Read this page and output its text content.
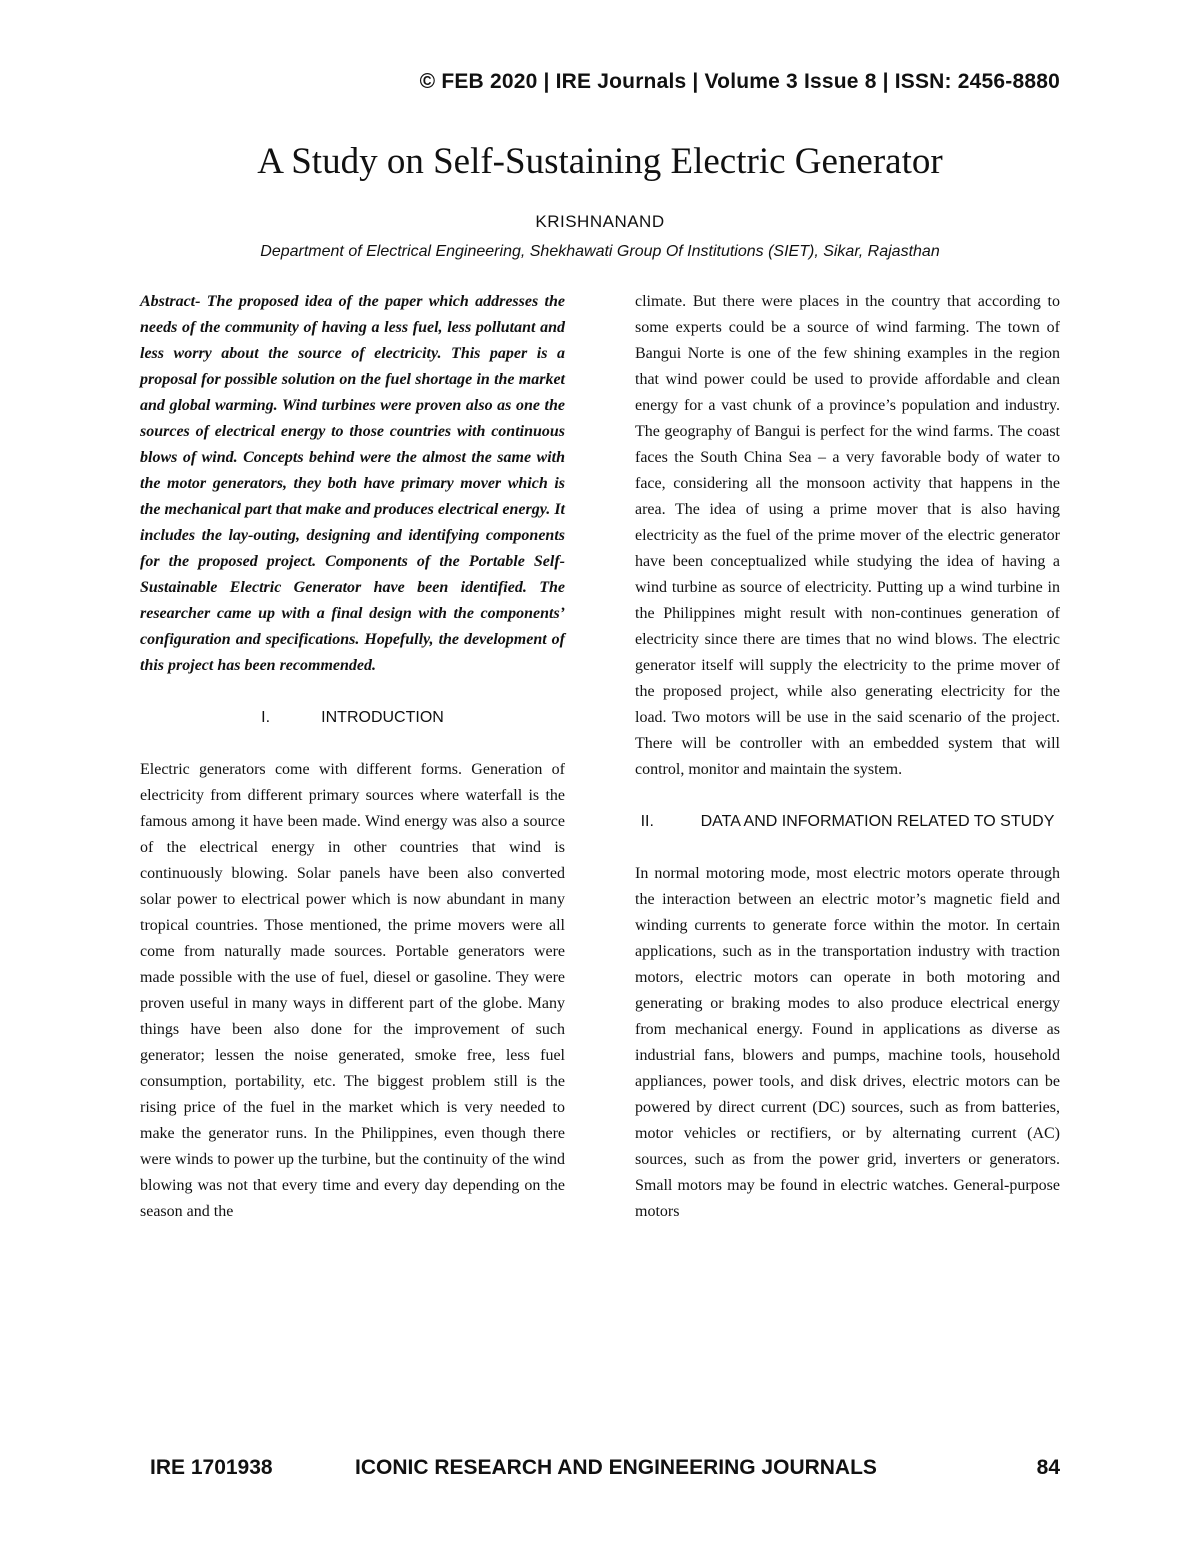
© FEB 2020 | IRE Journals | Volume 3 Issue 8 | ISSN: 2456-8880
A Study on Self-Sustaining Electric Generator
KRISHNANAND
Department of Electrical Engineering, Shekhawati Group Of Institutions (SIET), Sikar, Rajasthan

Abstract- The proposed idea of the paper which addresses the needs of the community of having a less fuel, less pollutant and less worry about the source of electricity. This paper is a proposal for possible solution on the fuel shortage in the market and global warming. Wind turbines were proven also as one the sources of electrical energy to those countries with continuous blows of wind. Concepts behind were the almost the same with the motor generators, they both have primary mover which is the mechanical part that make and produces electrical energy. It includes the lay-outing, designing and identifying components for the proposed project. Components of the Portable Self-Sustainable Electric Generator have been identified. The researcher came up with a final design with the components’ configuration and specifications. Hopefully, the development of this project has been recommended.

I.	INTRODUCTION

Electric generators come with different forms. Generation of electricity from different primary sources where waterfall is the famous among it have been made. Wind energy was also a source of the electrical energy in other countries that wind is continuously blowing. Solar panels have been also converted solar power to electrical power which is now abundant in many tropical countries. Those mentioned, the prime movers were all come from naturally made sources. Portable generators were made possible with the use of fuel, diesel or gasoline. They were proven useful in many ways in different part of the globe. Many things have been also done for the improvement of such generator; lessen the noise generated, smoke free, less fuel consumption, portability, etc. The biggest problem still is the rising price of the fuel in the market which is very needed to make the generator runs. In the Philippines, even though there were winds to power up the turbine, but the continuity of the wind blowing was not that every time and every day depending on the season and the

climate. But there were places in the country that according to some experts could be a source of wind farming. The town of Bangui Norte is one of the few shining examples in the region that wind power could be used to provide affordable and clean energy for a vast chunk of a province’s population and industry. The geography of Bangui is perfect for the wind farms. The coast faces the South China Sea – a very favorable body of water to face, considering all the monsoon activity that happens in the area. The idea of using a prime mover that is also having electricity as the fuel of the prime mover of the electric generator have been conceptualized while studying the idea of having a wind turbine as source of electricity. Putting up a wind turbine in the Philippines might result with non-continues generation of electricity since there are times that no wind blows. The electric generator itself will supply the electricity to the prime mover of the proposed project, while also generating electricity for the load. Two motors will be use in the said scenario of the project. There will be controller with an embedded system that will control, monitor and maintain the system.

II.	DATA AND INFORMATION RELATED TO STUDY

In normal motoring mode, most electric motors operate through the interaction between an electric motor’s magnetic field and winding currents to generate force within the motor. In certain applications, such as in the transportation industry with traction motors, electric motors can operate in both motoring and generating or braking modes to also produce electrical energy from mechanical energy. Found in applications as diverse as industrial fans, blowers and pumps, machine tools, household appliances, power tools, and disk drives, electric motors can be powered by direct current (DC) sources, such as from batteries, motor vehicles or rectifiers, or by alternating current (AC) sources, such as from the power grid, inverters or generators. Small motors may be found in electric watches. General-purpose motors

IRE 1701938	ICONIC RESEARCH AND ENGINEERING JOURNALS	84
